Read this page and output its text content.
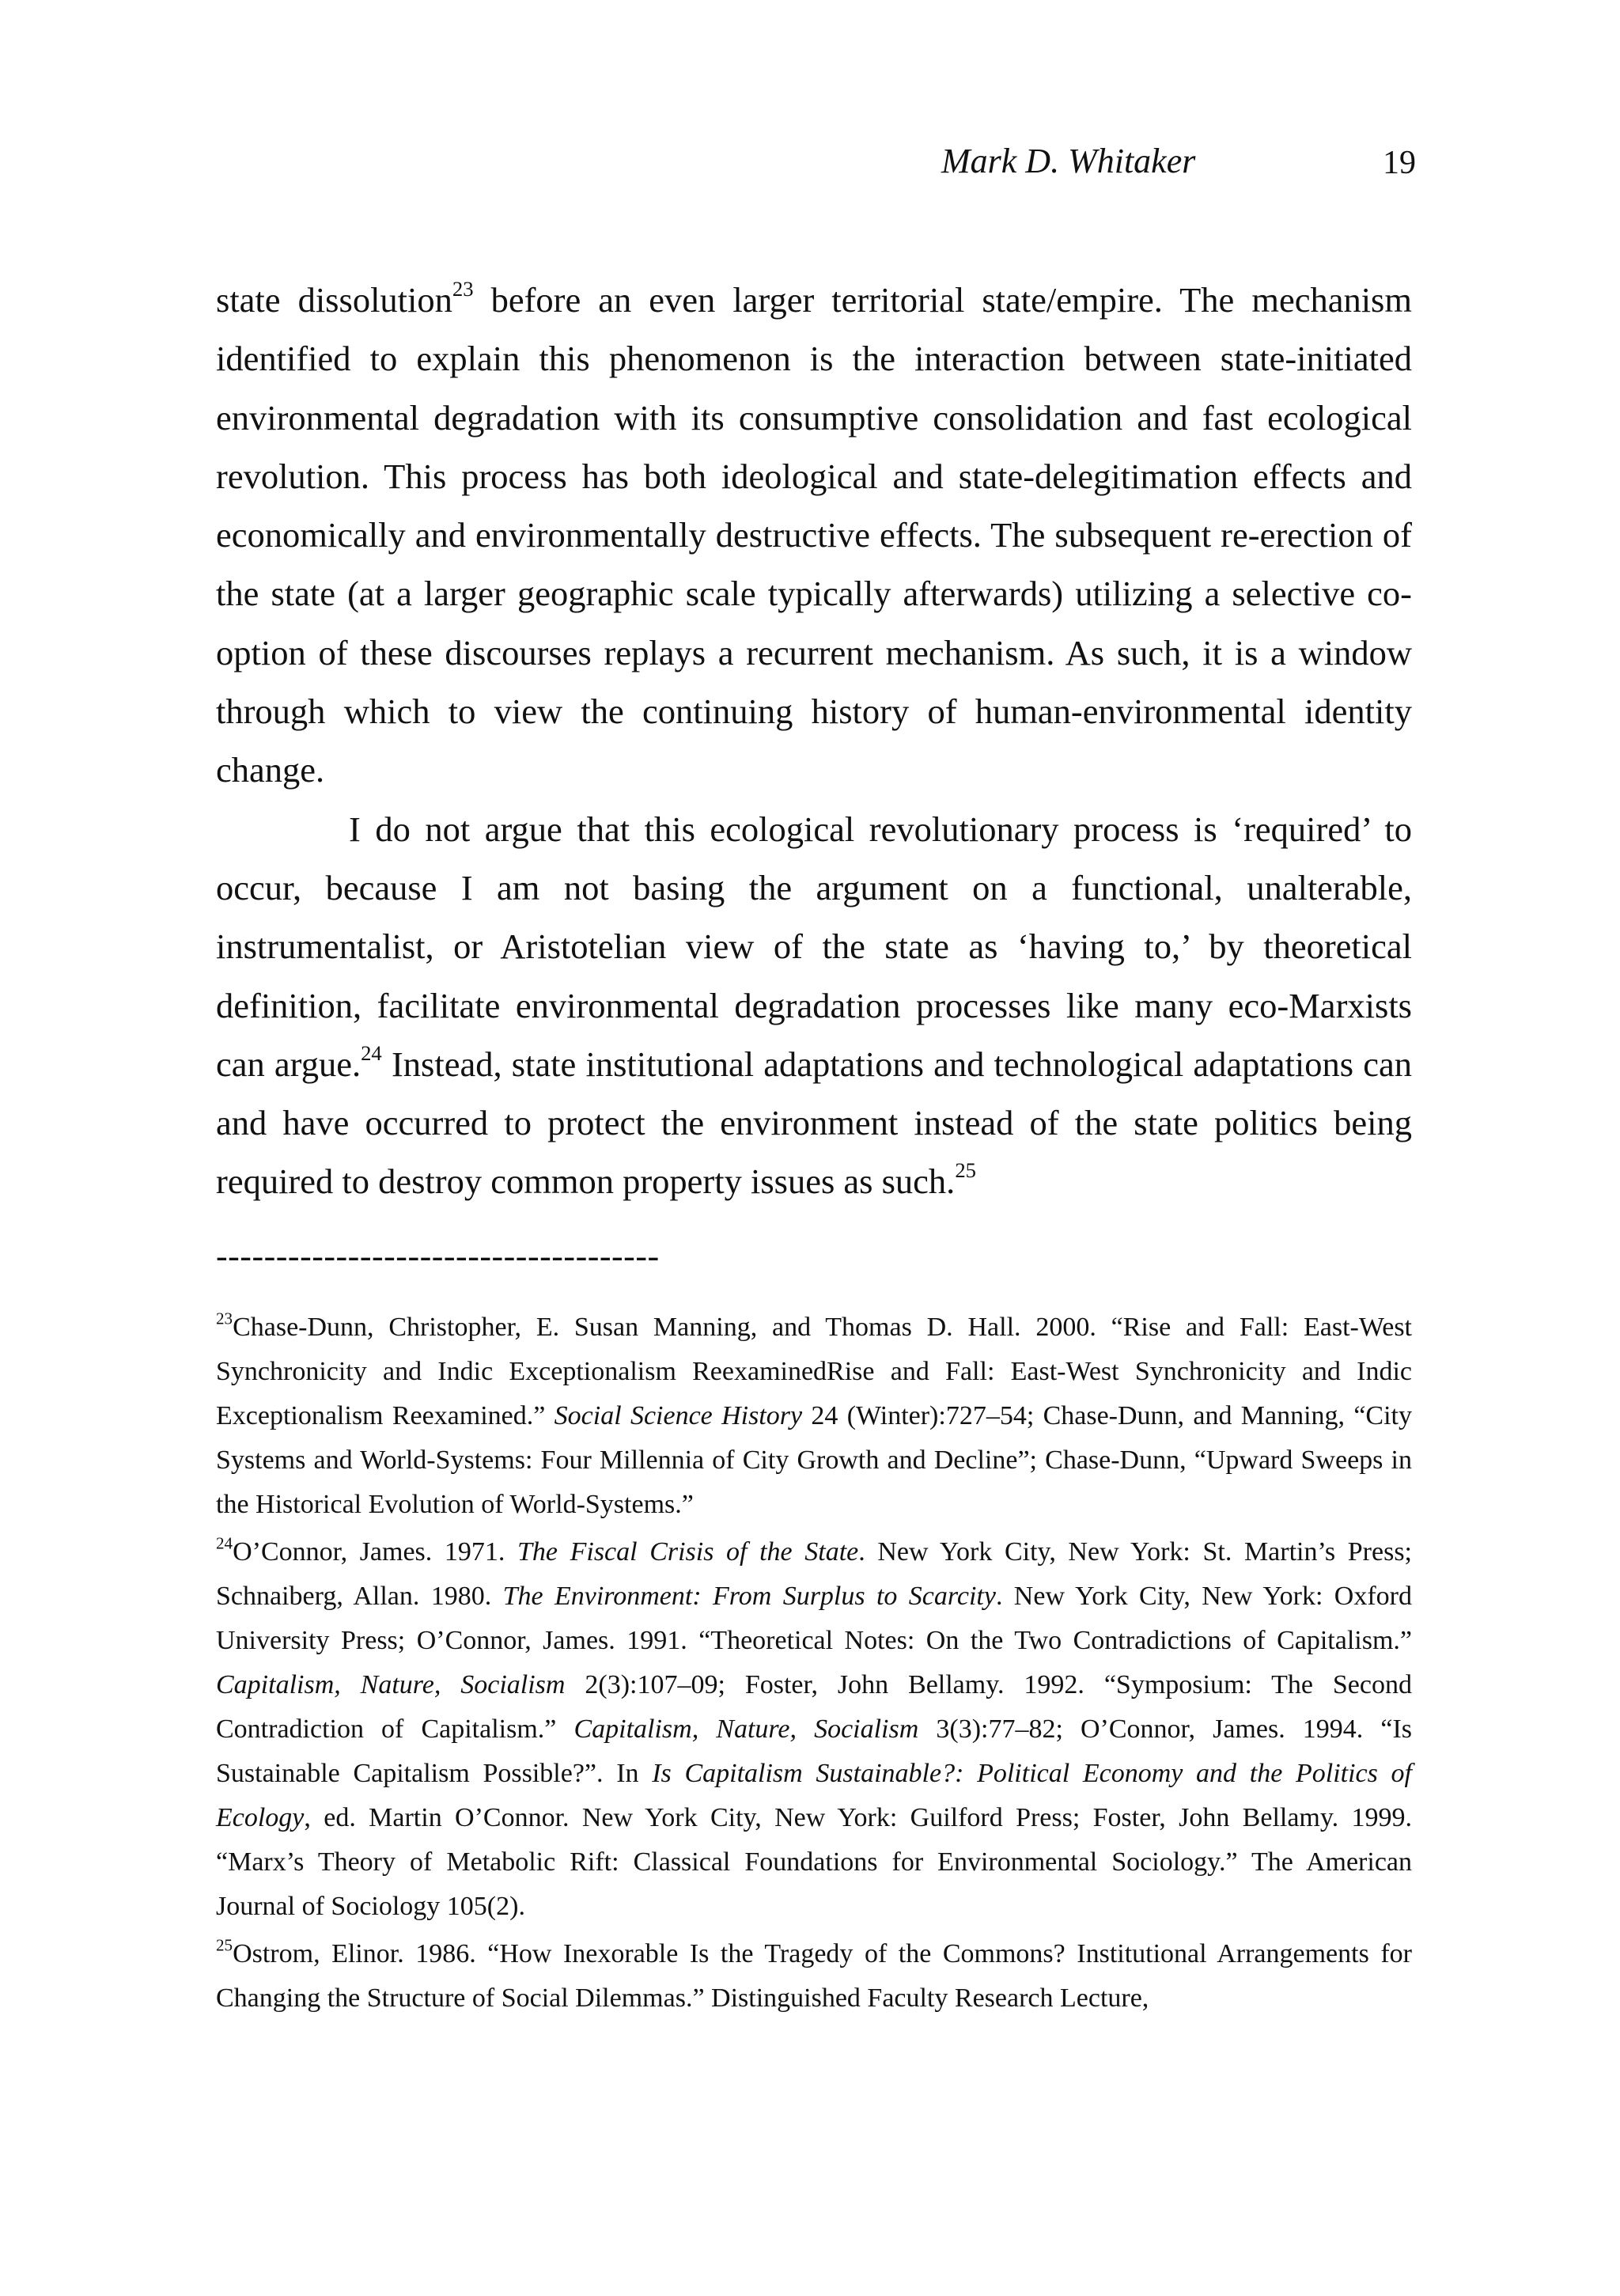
Mark D. Whitaker	19

state dissolution$^{23}$ before an even larger territorial state/empire. The mechanism identified to explain this phenomenon is the interaction between state-initiated environmental degradation with its consumptive consolidation and fast ecological revolution. This process has both ideological and state-delegitimation effects and economically and environmentally destructive effects. The subsequent re-erection of the state (at a larger geographic scale typically afterwards) utilizing a selective co-option of these discourses replays a recurrent mechanism. As such, it is a window through which to view the continuing history of human-environmental identity change.

I do not argue that this ecological revolutionary process is ‘required’ to occur, because I am not basing the argument on a functional, unalterable, instrumentalist, or Aristotelian view of the state as ‘having to,’ by theoretical definition, facilitate environmental degradation processes like many eco-Marxists can argue.$^{24}$ Instead, state institutional adaptations and technological adaptations can and have occurred to protect the environment instead of the state politics being required to destroy common property issues as such.$^{25}$

-------------------------------------

$^{23}$Chase-Dunn, Christopher, E. Susan Manning, and Thomas D. Hall. 2000. “Rise and Fall: East-West Synchronicity and Indic Exceptionalism ReexaminedRise and Fall: East-West Synchronicity and Indic Exceptionalism Reexamined.” Social Science History 24 (Winter):727–54; Chase-Dunn, and Manning, “City Systems and World-Systems: Four Millennia of City Growth and Decline”; Chase-Dunn, “Upward Sweeps in the Historical Evolution of World-Systems.”

$^{24}$O’Connor, James. 1971. The Fiscal Crisis of the State. New York City, New York: St. Martin’s Press; Schnaiberg, Allan. 1980. The Environment: From Surplus to Scarcity. New York City, New York: Oxford University Press; O’Connor, James. 1991. “Theoretical Notes: On the Two Contradictions of Capitalism.” Capitalism, Nature, Socialism 2(3):107–09; Foster, John Bellamy. 1992. “Symposium: The Second Contradiction of Capitalism.” Capitalism, Nature, Socialism 3(3):77–82; O’Connor, James. 1994. “Is Sustainable Capitalism Possible?”. In Is Capitalism Sustainable?: Political Economy and the Politics of Ecology, ed. Martin O’Connor. New York City, New York: Guilford Press; Foster, John Bellamy. 1999. “Marx’s Theory of Metabolic Rift: Classical Foundations for Environmental Sociology.” The American Journal of Sociology 105(2).

$^{25}$Ostrom, Elinor. 1986. “How Inexorable Is the Tragedy of the Commons? Institutional Arrangements for Changing the Structure of Social Dilemmas.” Distinguished Faculty Research Lecture,
